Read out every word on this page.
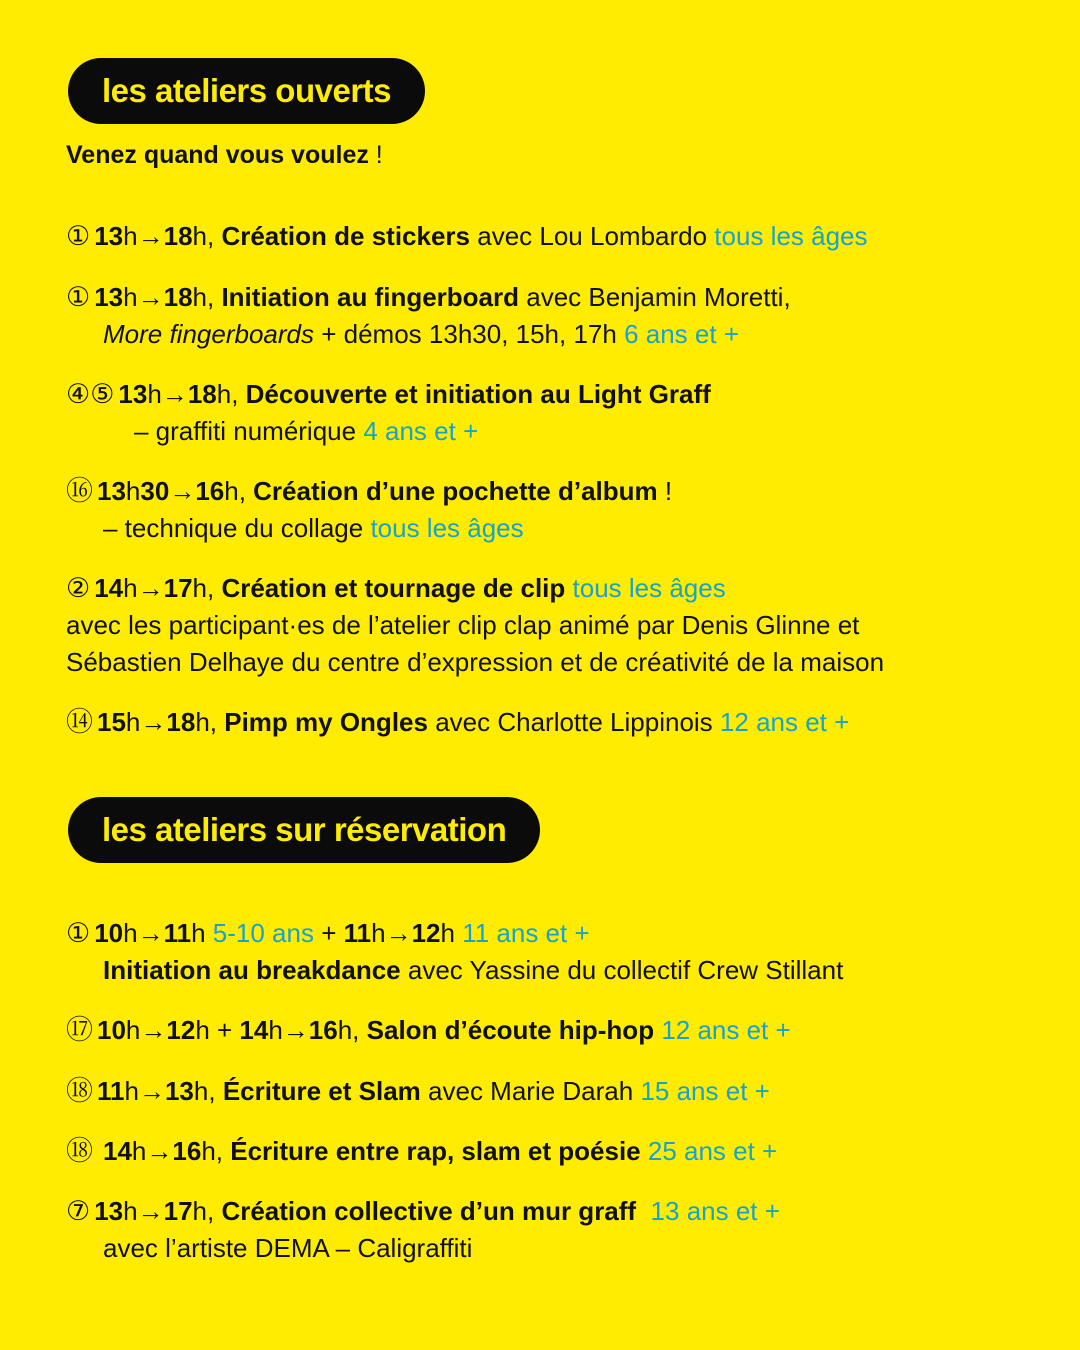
les ateliers ouverts
Venez quand vous voulez !
① 13h→18h, Création de stickers avec Lou Lombardo tous les âges
① 13h→18h, Initiation au fingerboard avec Benjamin Moretti,
More fingerboards + démos 13h30, 15h, 17h 6 ans et +
④⑤ 13h→18h, Découverte et initiation au Light Graff
– graffiti numérique 4 ans et +
⑯ 13h30→16h, Création d’une pochette d’album !
– technique du collage tous les âges
② 14h→17h, Création et tournage de clip tous les âges
avec les participant·es de l’atelier clip clap animé par Denis Glinne et
Sébastien Delhaye du centre d’expression et de créativité de la maison
⑭ 15h→18h, Pimp my Ongles avec Charlotte Lippinois 12 ans et +
les ateliers sur réservation
① 10h→11h 5-10 ans + 11h→12h 11 ans et +
Initiation au breakdance avec Yassine du collectif Crew Stillant
⑰ 10h→12h + 14h→16h, Salon d’écoute hip-hop 12 ans et +
⑱ 11h→13h, Écriture et Slam avec Marie Darah 15 ans et +
⑱ 14h→16h, Écriture entre rap, slam et poésie 25 ans et +
⑦ 13h→17h, Création collective d’un mur graff 13 ans et +
avec l’artiste DEMA – Caligraffiti
